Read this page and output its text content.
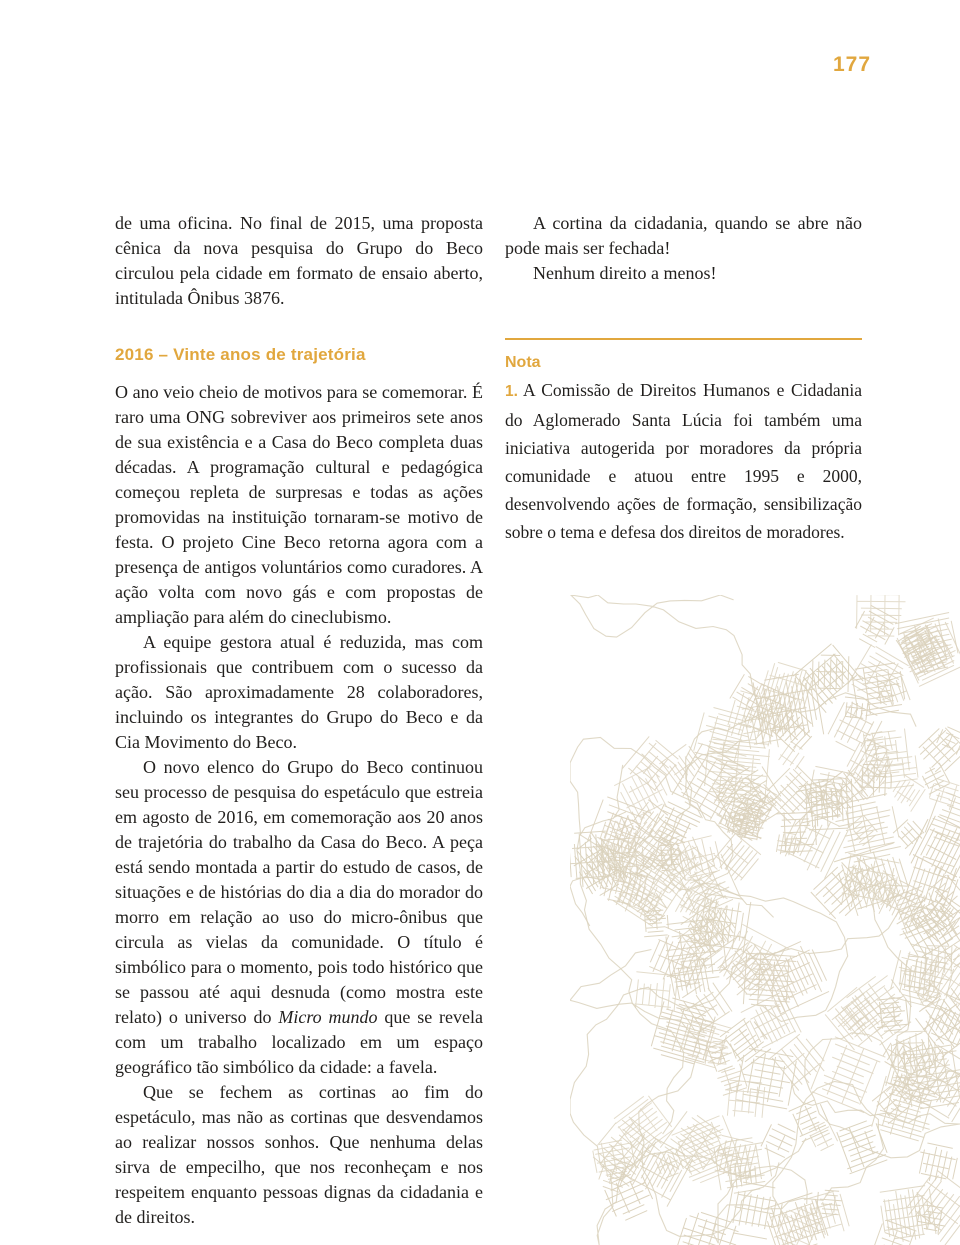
177

de uma oficina. No final de 2015, uma proposta cênica da nova pesquisa do Grupo do Beco circulou pela cidade em formato de ensaio aberto, intitulada Ônibus 3876.

2016 – Vinte anos de trajetória

O ano veio cheio de motivos para se comemorar. É raro uma ONG sobreviver aos primeiros sete anos de sua existência e a Casa do Beco completa duas décadas. A programação cultural e pedagógica começou repleta de surpresas e todas as ações promovidas na instituição tornaram-se motivo de festa. O projeto Cine Beco retorna agora com a presença de antigos voluntários como curadores. A ação volta com novo gás e com propostas de ampliação para além do cineclubismo.

A equipe gestora atual é reduzida, mas com profissionais que contribuem com o sucesso da ação. São aproximadamente 28 colaboradores, incluindo os integrantes do Grupo do Beco e da Cia Movimento do Beco.

O novo elenco do Grupo do Beco continuou seu processo de pesquisa do espetáculo que estreia em agosto de 2016, em comemoração aos 20 anos de trajetória do trabalho da Casa do Beco. A peça está sendo montada a partir do estudo de casos, de situações e de histórias do dia a dia do morador do morro em relação ao uso do micro-ônibus que circula as vielas da comunidade. O título é simbólico para o momento, pois todo histórico que se passou até aqui desnuda (como mostra este relato) o universo do Micro mundo que se revela com um trabalho localizado em um espaço geográfico tão simbólico da cidade: a favela.

Que se fechem as cortinas ao fim do espetáculo, mas não as cortinas que desvendamos ao realizar nossos sonhos. Que nenhuma delas sirva de empecilho, que nos reconheçam e nos respeitem enquanto pessoas dignas da cidadania e de direitos.

A cortina da cidadania, quando se abre não pode mais ser fechada!

Nenhum direito a menos!

Nota

1. A Comissão de Direitos Humanos e Cidadania do Aglomerado Santa Lúcia foi também uma iniciativa autogerida por moradores da própria comunidade e atuou entre 1995 e 2000, desenvolvendo ações de formação, sensibilização sobre o tema e defesa dos direitos de moradores.
